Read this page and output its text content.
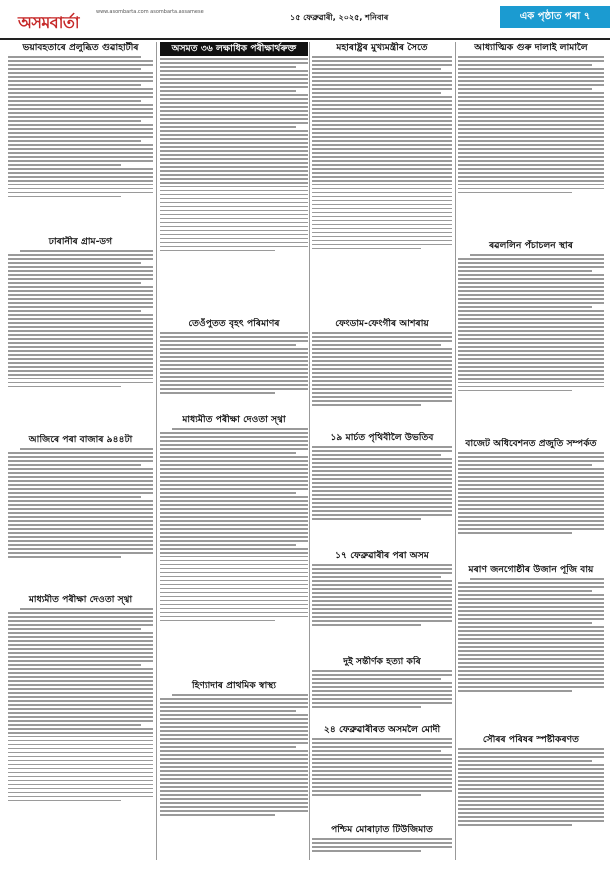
অসমবাৰ্তা
www.asombarta.com asombarta.assamese
১৫ ফেব্ৰুৱাৰী, ২০২৫, শনিবাৰ	এক পৃষ্ঠাত পৰা ৭
ভয়াবহতাৰে প্ৰলুব্ধিত গুৱাহাটীৰ
ঢাৰানীৰ গ্ৰাম-ডগ
আজিৰে পৰা বাজাৰ ৯৪৪টা
মাধ্যমীত পৰীক্ষা দেওতা স্থ্বা
অসমত ৩৬ লক্ষাধিক পৰীক্ষাৰ্থৰুক্ত
তেওঁপুতত বৃহৎ পৰিমাণৰ
মাধ্যমীত পৰীক্ষা দেওতা স্থ্বা
হিণ্যাদাৰ প্ৰাথমিক স্বাস্থ্য
মহাৰাষ্ট্ৰৰ মুখ্যমন্ত্ৰীৰ সৈতে
ফেংডাম-ফেংগীৰ আশৰায়
১৯ মাৰ্চত পৃথিবীলৈ উভতিব
১৭ ফেব্ৰুৱাৰীৰ পৰা অসম
দুই সন্তীৰ্ণক হত্যা কৰি
২৪ ফেব্ৰুৱাৰীৰত অসমলৈ মোদী
পশ্চিম মোৰাঢ়াত টিউজিমাত
আধ্যাত্মিক গুৰু দালাই লামালৈ
ৰৱললিন পঁচাচলন স্থাৰ
বাজেট অধিবেশনত প্ৰজুতি সম্পৰ্কত
মৰাণ জনগোষ্ঠীৰ উজান পূজি বায়
সৌৰৰ পৰিষৰ স্পষ্টীকৰণত
